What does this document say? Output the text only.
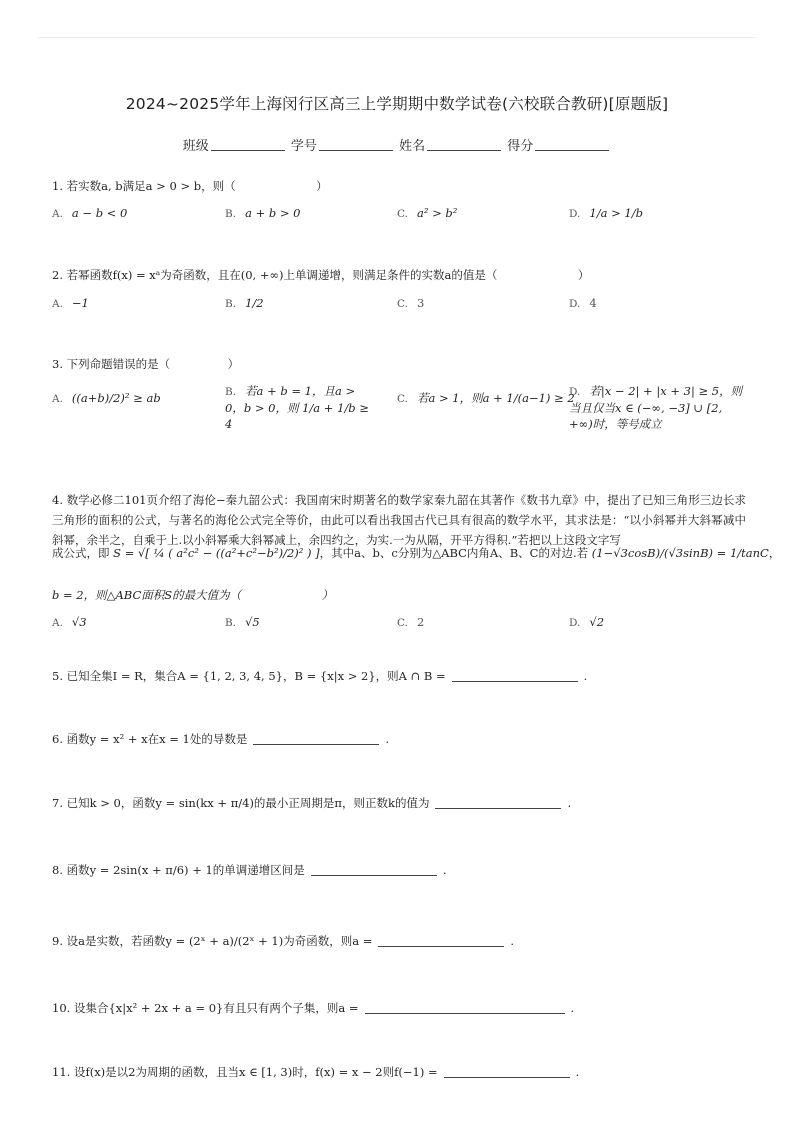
2024~2025学年上海闵行区高三上学期期中数学试卷(六校联合教研)[原题版]
班级	学号	姓名	得分
1. 若实数a, b满足a > 0 > b，则（　　　　　　　）
A. a − b < 0	B. a + b > 0	C. a² > b²	D. 1/a > 1/b
2. 若幂函数f(x) = xᵃ为奇函数，且在(0, +∞)上单调递增，则满足条件的实数a的值是（　　　　　　　）
A. −1	B. 1/2	C. 3	D. 4
3. 下列命题错误的是（　　　　　）
A. ((a+b)/2)² ≥ ab	B. 若a + b = 1，且a > 0，b > 0，则 1/a + 1/b ≥ 4
C. 若a > 1，则a + 1/(a−1) ≥ 2
D. 若|x − 2| + |x + 3| ≥ 5，则当且仅当x ∈ (−∞, −3] ∪ [2, +∞)时，等号成立
4. 数学必修二101页介绍了海伦−秦九韶公式：我国南宋时期著名的数学家秦九韶在其著作《数书九章》中，提出了已知三角形三边长求三角形的面积的公式，与著名的海伦公式完全等价，由此可以看出我国古代已具有很高的数学水平，其求法是：“以小斜幂并大斜幂减中斜幂，余半之，自乘于上.以小斜幂乘大斜幂减上，余四约之，为实.一为从隔，开平方得积.”若把以上这段文字写
成公式，即 S = √[ ¼ ( a²c² − ((a²+c²−b²)/2)² ) ]，其中a、b、c分别为△ABC内角A、B、C的对边.若 (1−√3cosB)/(√3sinB) = 1/tanC，
b = 2，则△ABC面积S的最大值为（　　　　　　　）
A. √3	B. √5	C. 2	D. √2
5. 已知全集I = R，集合A = {1, 2, 3, 4, 5}，B = {x|x > 2}，则A ∩ B =	.
6. 函数y = x² + x在x = 1处的导数是	.
7. 已知k > 0，函数y = sin(kx + π/4)的最小正周期是π，则正数k的值为	.
8. 函数y = 2sin(x + π/6) + 1的单调递增区间是	.
9. 设a是实数，若函数y = (2ˣ + a)/(2ˣ + 1)为奇函数，则a =	.
10. 设集合{x|x² + 2x + a = 0}有且只有两个子集，则a =	.
11. 设f(x)是以2为周期的函数，且当x ∈ [1, 3)时，f(x) = x − 2则f(−1) =	.
